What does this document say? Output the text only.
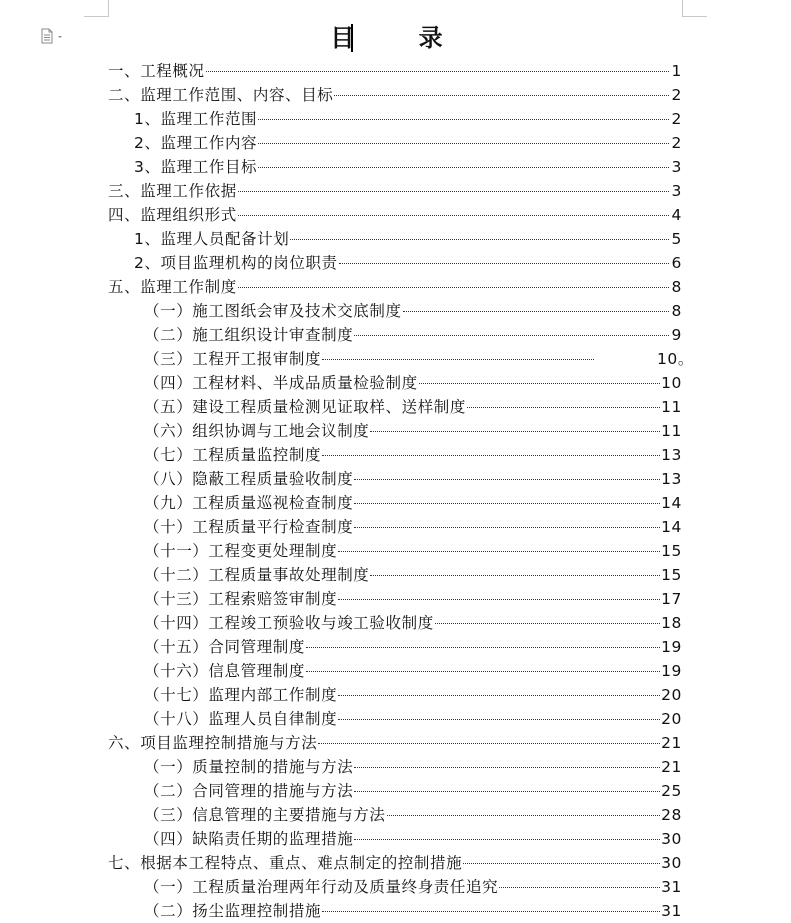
目 录
一、工程概况	1
二、监理工作范围、内容、目标	2
1、监理工作范围	2
2、监理工作内容	2
3、监理工作目标	3
三、监理工作依据	3
四、监理组织形式	4
1、监理人员配备计划	5
2、项目监理机构的岗位职责	6
五、监理工作制度	8
（一）施工图纸会审及技术交底制度	8
（二）施工组织设计审查制度	9
（三）工程开工报审制度	10。
（四）工程材料、半成品质量检验制度	10
（五）建设工程质量检测见证取样、送样制度	11
（六）组织协调与工地会议制度	11
（七）工程质量监控制度	13
（八）隐蔽工程质量验收制度	13
（九）工程质量巡视检查制度	14
（十）工程质量平行检查制度	14
（十一）工程变更处理制度	15
（十二）工程质量事故处理制度	15
（十三）工程索赔签审制度	17
（十四）工程竣工预验收与竣工验收制度	18
（十五）合同管理制度	19
（十六）信息管理制度	19
（十七）监理内部工作制度	20
（十八）监理人员自律制度	20
六、项目监理控制措施与方法	21
（一）质量控制的措施与方法	21
（二）合同管理的措施与方法	25
（三）信息管理的主要措施与方法	28
（四）缺陷责任期的监理措施	30
七、根据本工程特点、重点、难点制定的控制措施	30
（一）工程质量治理两年行动及质量终身责任追究	31
（二）扬尘监理控制措施	31
